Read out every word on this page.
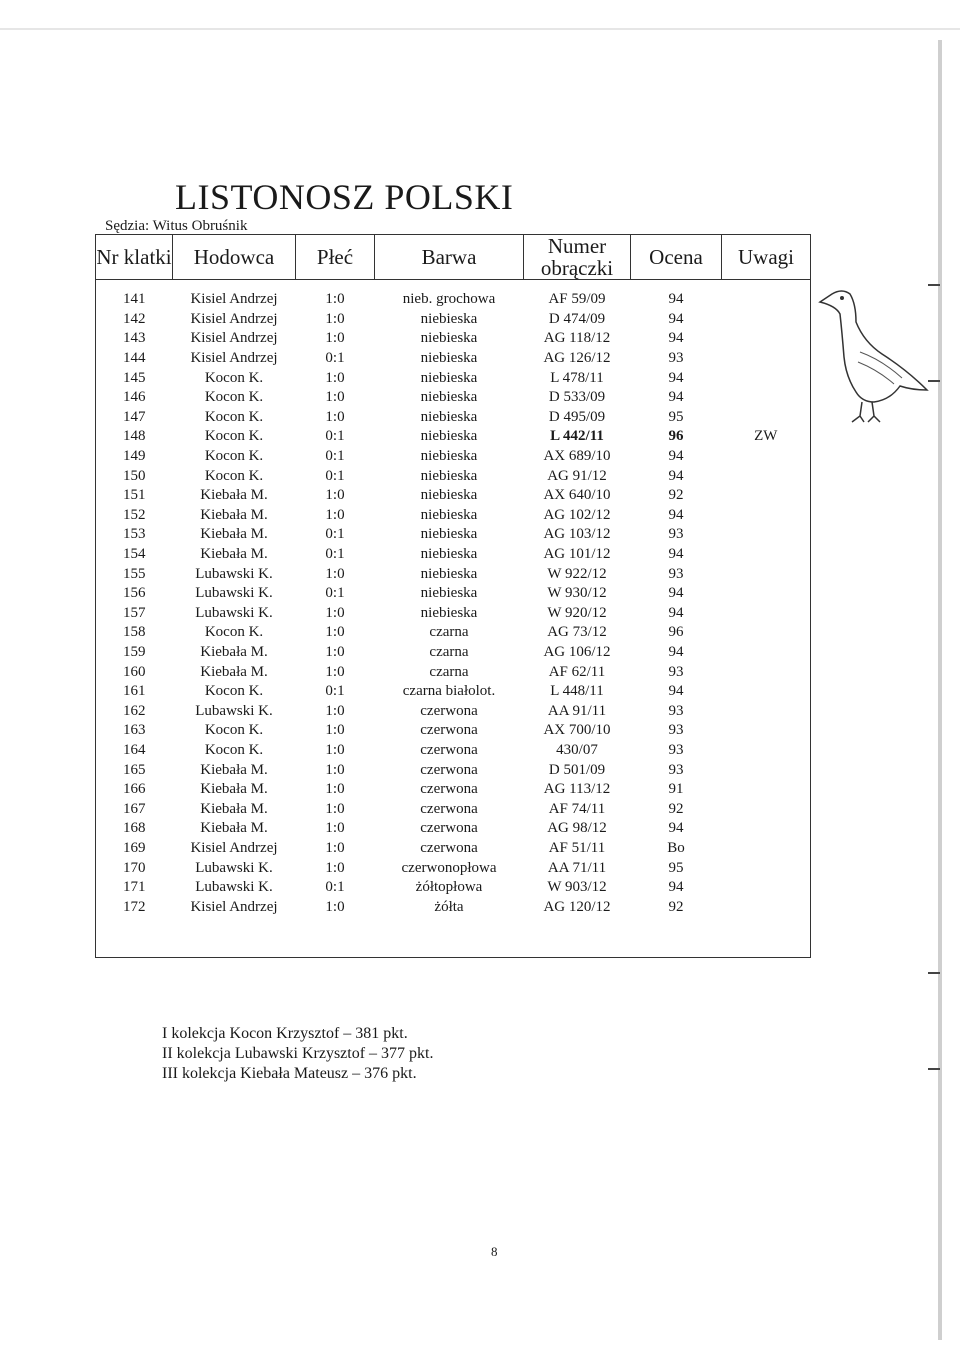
LISTONOSZ POLSKI

Sędzia: Witus Obruśnik

Nr klatki	Hodowca	Płeć	Barwa	Numer obrączki	Ocena	Uwagi

141	Kisiel Andrzej	1:0	nieb. grochowa	AF 59/09	94	
142	Kisiel Andrzej	1:0	niebieska	D 474/09	94	
143	Kisiel Andrzej	1:0	niebieska	AG 118/12	94	
144	Kisiel Andrzej	0:1	niebieska	AG 126/12	93	
145	Kocon K.	1:0	niebieska	L 478/11	94	
146	Kocon K.	1:0	niebieska	D 533/09	94	
147	Kocon K.	1:0	niebieska	D 495/09	95	
148	Kocon K.	0:1	niebieska	L 442/11	96	ZW
149	Kocon K.	0:1	niebieska	AX 689/10	94	
150	Kocon K.	0:1	niebieska	AG 91/12	94	
151	Kiebała M.	1:0	niebieska	AX 640/10	92	
152	Kiebała M.	1:0	niebieska	AG 102/12	94	
153	Kiebała M.	0:1	niebieska	AG 103/12	93	
154	Kiebała M.	0:1	niebieska	AG 101/12	94	
155	Lubawski K.	1:0	niebieska	W 922/12	93	
156	Lubawski K.	0:1	niebieska	W 930/12	94	
157	Lubawski K.	1:0	niebieska	W 920/12	94	
158	Kocon K.	1:0	czarna	AG 73/12	96	
159	Kiebała M.	1:0	czarna	AG 106/12	94	
160	Kiebała M.	1:0	czarna	AF 62/11	93	
161	Kocon K.	0:1	czarna białolot.	L 448/11	94	
162	Lubawski K.	1:0	czerwona	AA 91/11	93	
163	Kocon K.	1:0	czerwona	AX 700/10	93	
164	Kocon K.	1:0	czerwona	430/07	93	
165	Kiebała M.	1:0	czerwona	D 501/09	93	
166	Kiebała M.	1:0	czerwona	AG 113/12	91	
167	Kiebała M.	1:0	czerwona	AF 74/11	92	
168	Kiebała M.	1:0	czerwona	AG 98/12	94	
169	Kisiel Andrzej	1:0	czerwona	AF 51/11	Bo	
170	Lubawski K.	1:0	czerwonopłowa	AA 71/11	95	
171	Lubawski K.	0:1	żółtopłowa	W 903/12	94	
172	Kisiel Andrzej	1:0	żółta	AG 120/12	92	

I kolekcja Kocon Krzysztof – 381 pkt.
II kolekcja Lubawski Krzysztof – 377 pkt.
III kolekcja Kiebała Mateusz – 376 pkt.
8
